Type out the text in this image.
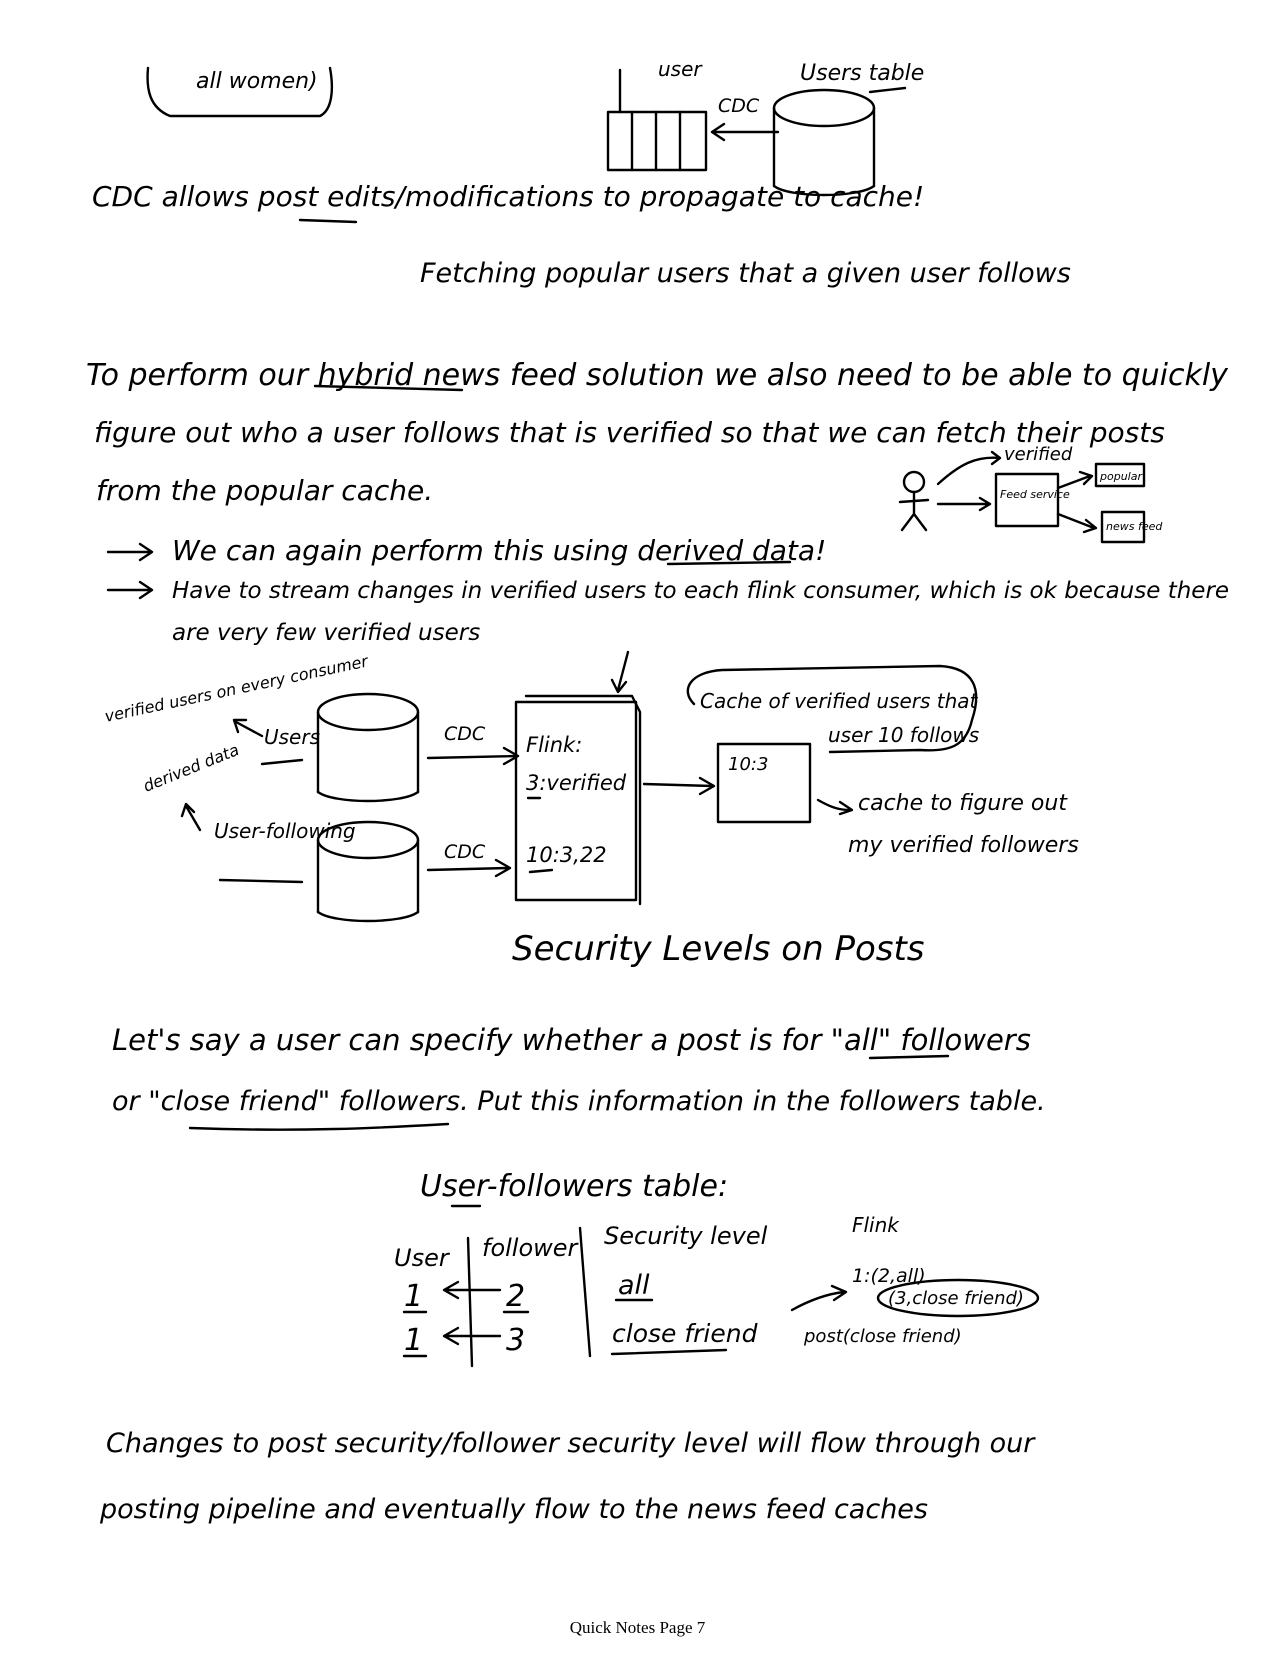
all women)	user	Users table
CDC
CDC allows post edits/modifications to propagate to cache!
Fetching popular users that a given user follows
To perform our hybrid news feed solution we also need to be able to quickly
figure out who a user follows that is verified so that we can fetch their posts
from the popular cache.
We can again perform this using derived data!
Have to stream changes in verified users to each flink consumer, which is ok because there
are very few verified users
verified
Feed service
popular
news feed
verified users on every consumer
Users
derived data
User-following
CDC
CDC
Flink:
3:verified
10:3,22
Cache of verified users that
user 10 follows
10:3
cache to figure out
my verified followers
Security Levels on Posts
Let's say a user can specify whether a post is for "all" followers
or "close friend" followers. Put this information in the followers table.
User-followers table:
User follower Security level
1	2	all
1	3	close friend
Flink
1:(2,all)
(3,close friend)
post(close friend)
Changes to post security/follower security level will flow through our
posting pipeline and eventually flow to the news feed caches
Quick Notes Page 7
